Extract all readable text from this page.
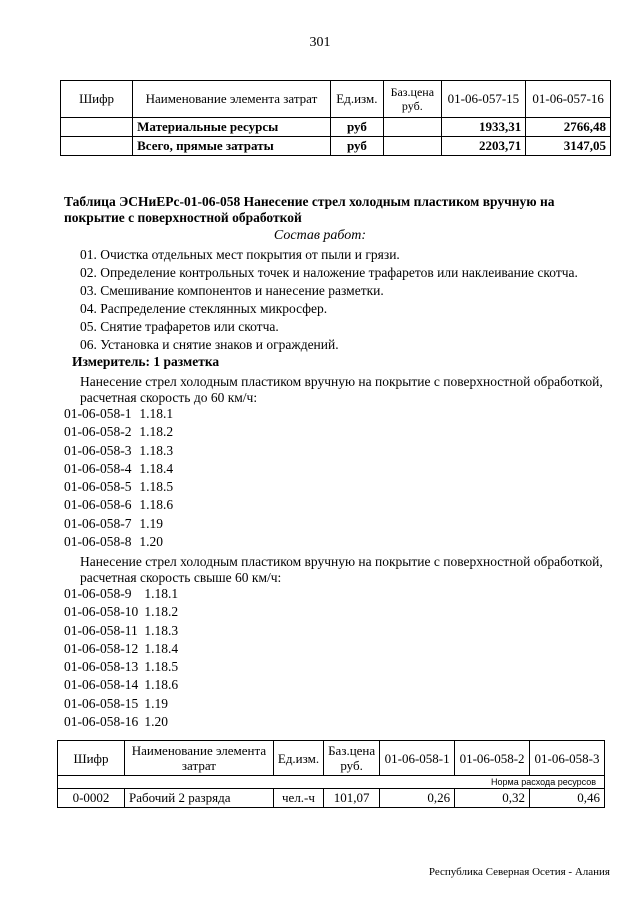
301
Шифр	Наименование элемента затрат	Ед.изм.	Баз.цена руб.	01-06-057-15	01-06-057-16
	Материальные ресурсы	руб		1933,31	2766,48
	Всего, прямые затраты	руб		2203,71	3147,05
Таблица ЭСНиЕРс-01-06-058 Нанесение стрел холодным пластиком вручную на покрытие с поверхностной обработкой
Состав работ:
01. Очистка отдельных мест покрытия от пыли и грязи.
02. Определение контрольных точек и наложение трафаретов или наклеивание скотча.
03. Смешивание компонентов и нанесение разметки.
04. Распределение стеклянных микросфер.
05. Снятие трафаретов или скотча.
06. Установка и снятие знаков и ограждений.
Измеритель: 1 разметка
Нанесение стрел холодным пластиком вручную на покрытие с поверхностной обработкой, расчетная скорость до 60 км/ч:
01-06-058-1 1.18.1
01-06-058-2 1.18.2
01-06-058-3 1.18.3
01-06-058-4 1.18.4
01-06-058-5 1.18.5
01-06-058-6 1.18.6
01-06-058-7 1.19
01-06-058-8 1.20
Нанесение стрел холодным пластиком вручную на покрытие с поверхностной обработкой, расчетная скорость свыше 60 км/ч:
01-06-058-9 1.18.1
01-06-058-10 1.18.2
01-06-058-11 1.18.3
01-06-058-12 1.18.4
01-06-058-13 1.18.5
01-06-058-14 1.18.6
01-06-058-15 1.19
01-06-058-16 1.20
Шифр	Наименование элемента затрат	Ед.изм.	Баз.цена руб.	01-06-058-1	01-06-058-2	01-06-058-3
Норма расхода ресурсов						
0-0002	Рабочий 2 разряда	чел.-ч	101,07	0,26	0,32	0,46
Республика Северная Осетия - Алания
